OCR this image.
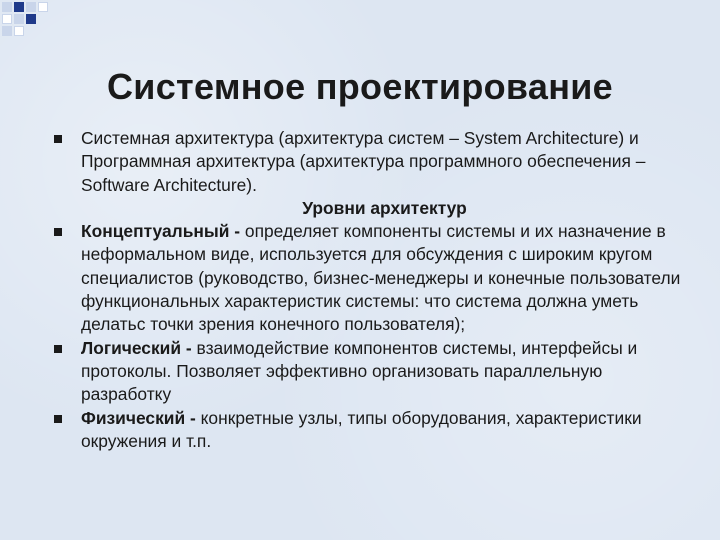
Системное проектирование
Системная архитектура (архитектура систем – System Architecture) и Программная архитектура (архитектура программного обеспечения – Software Architecture).
Уровни архитектур
Концептуальный - определяет компоненты системы и их назначение в неформальном виде, используется для обсуждения с широким кругом специалистов (руководство, бизнес-менеджеры и конечные пользователи функциональных характеристик системы: что система должна уметь делатьс точки зрения конечного пользователя);
Логический - взаимодействие компонентов системы, интерфейсы и протоколы. Позволяет эффективно организовать параллельную разработку
Физический - конкретные узлы, типы оборудования, характеристики окружения и т.п.
